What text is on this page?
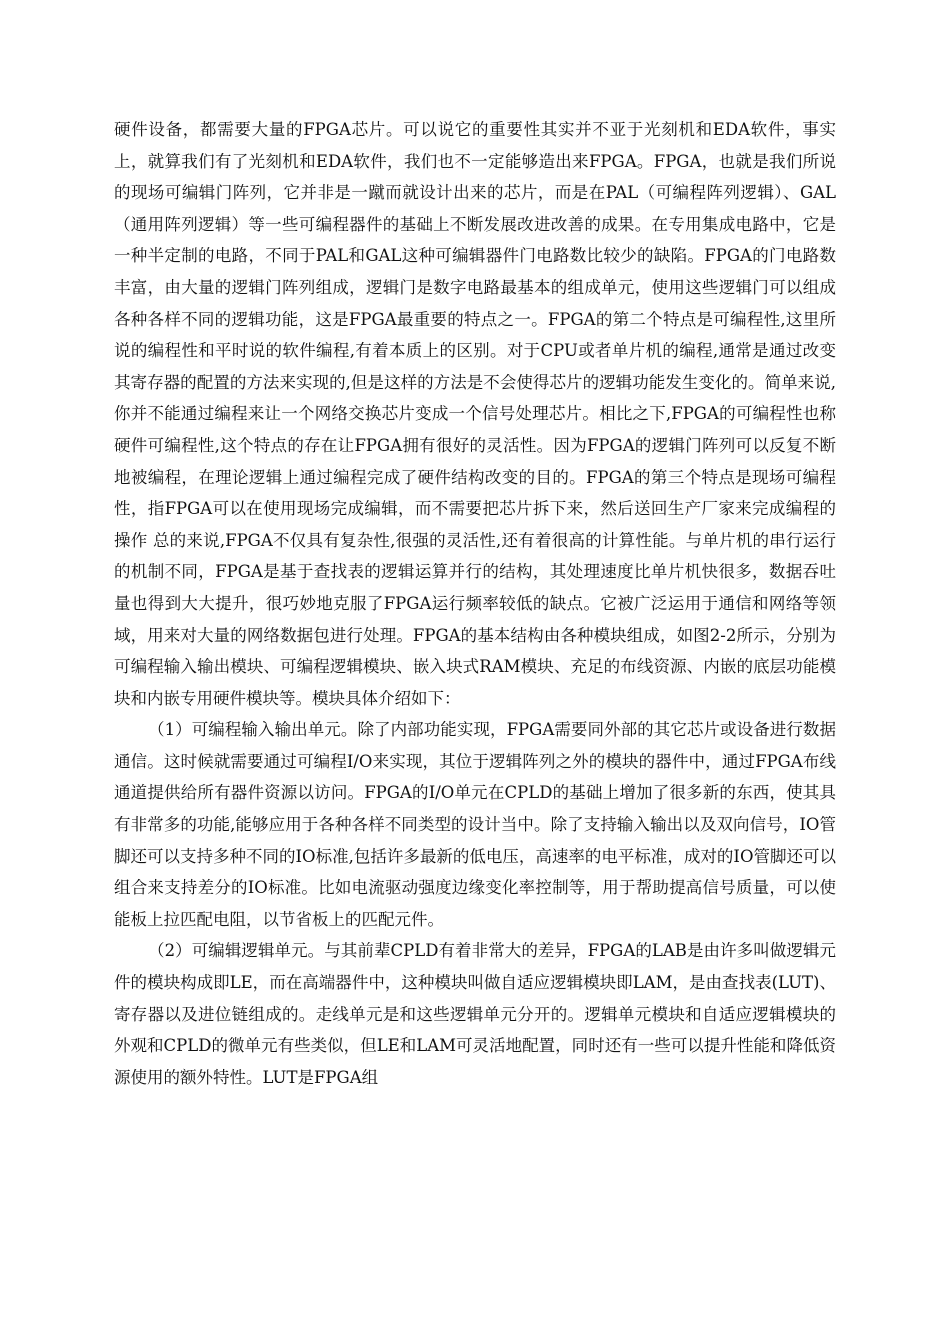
硬件设备，都需要大量的FPGA芯片。可以说它的重要性其实并不亚于光刻机和EDA软件，事实上，就算我们有了光刻机和EDA软件，我们也不一定能够造出来FPGA。FPGA，也就是我们所说的现场可编辑门阵列，它并非是一蹴而就设计出来的芯片，而是在PAL（可编程阵列逻辑）、GAL（通用阵列逻辑）等一些可编程器件的基础上不断发展改进改善的成果。在专用集成电路中，它是一种半定制的电路，不同于PAL和GAL这种可编辑器件门电路数比较少的缺陷。FPGA的门电路数丰富，由大量的逻辑门阵列组成，逻辑门是数字电路最基本的组成单元，使用这些逻辑门可以组成各种各样不同的逻辑功能，这是FPGA最重要的特点之一。FPGA的第二个特点是可编程性,这里所说的编程性和平时说的软件编程,有着本质上的区别。对于CPU或者单片机的编程,通常是通过改变其寄存器的配置的方法来实现的,但是这样的方法是不会使得芯片的逻辑功能发生变化的。简单来说,你并不能通过编程来让一个网络交换芯片变成一个信号处理芯片。相比之下,FPGA的可编程性也称硬件可编程性,这个特点的存在让FPGA拥有很好的灵活性。因为FPGA的逻辑门阵列可以反复不断地被编程，在理论逻辑上通过编程完成了硬件结构改变的目的。FPGA的第三个特点是现场可编程性，指FPGA可以在使用现场完成编辑，而不需要把芯片拆下来，然后送回生产厂家来完成编程的操作 总的来说,FPGA不仅具有复杂性,很强的灵活性,还有着很高的计算性能。与单片机的串行运行的机制不同，FPGA是基于查找表的逻辑运算并行的结构，其处理速度比单片机快很多，数据吞吐量也得到大大提升，很巧妙地克服了FPGA运行频率较低的缺点。它被广泛运用于通信和网络等领域，用来对大量的网络数据包进行处理。FPGA的基本结构由各种模块组成，如图2-2所示，分别为可编程输入输出模块、可编程逻辑模块、嵌入块式RAM模块、充足的布线资源、内嵌的底层功能模块和内嵌专用硬件模块等。模块具体介绍如下：

（1）可编程输入输出单元。除了内部功能实现，FPGA需要同外部的其它芯片或设备进行数据通信。这时候就需要通过可编程I/O来实现，其位于逻辑阵列之外的模块的器件中，通过FPGA布线通道提供给所有器件资源以访问。FPGA的I/O单元在CPLD的基础上增加了很多新的东西，使其具有非常多的功能,能够应用于各种各样不同类型的设计当中。除了支持输入输出以及双向信号，IO管脚还可以支持多种不同的IO标准,包括许多最新的低电压，高速率的电平标准，成对的IO管脚还可以组合来支持差分的IO标准。比如电流驱动强度边缘变化率控制等，用于帮助提高信号质量，可以使能板上拉匹配电阻，以节省板上的匹配元件。

（2）可编辑逻辑单元。与其前辈CPLD有着非常大的差异，FPGA的LAB是由许多叫做逻辑元件的模块构成即LE，而在高端器件中，这种模块叫做自适应逻辑模块即LAM，是由查找表(LUT)、寄存器以及进位链组成的。走线单元是和这些逻辑单元分开的。逻辑单元模块和自适应逻辑模块的外观和CPLD的微单元有些类似，但LE和LAM可灵活地配置，同时还有一些可以提升性能和降低资源使用的额外特性。LUT是FPGA组
